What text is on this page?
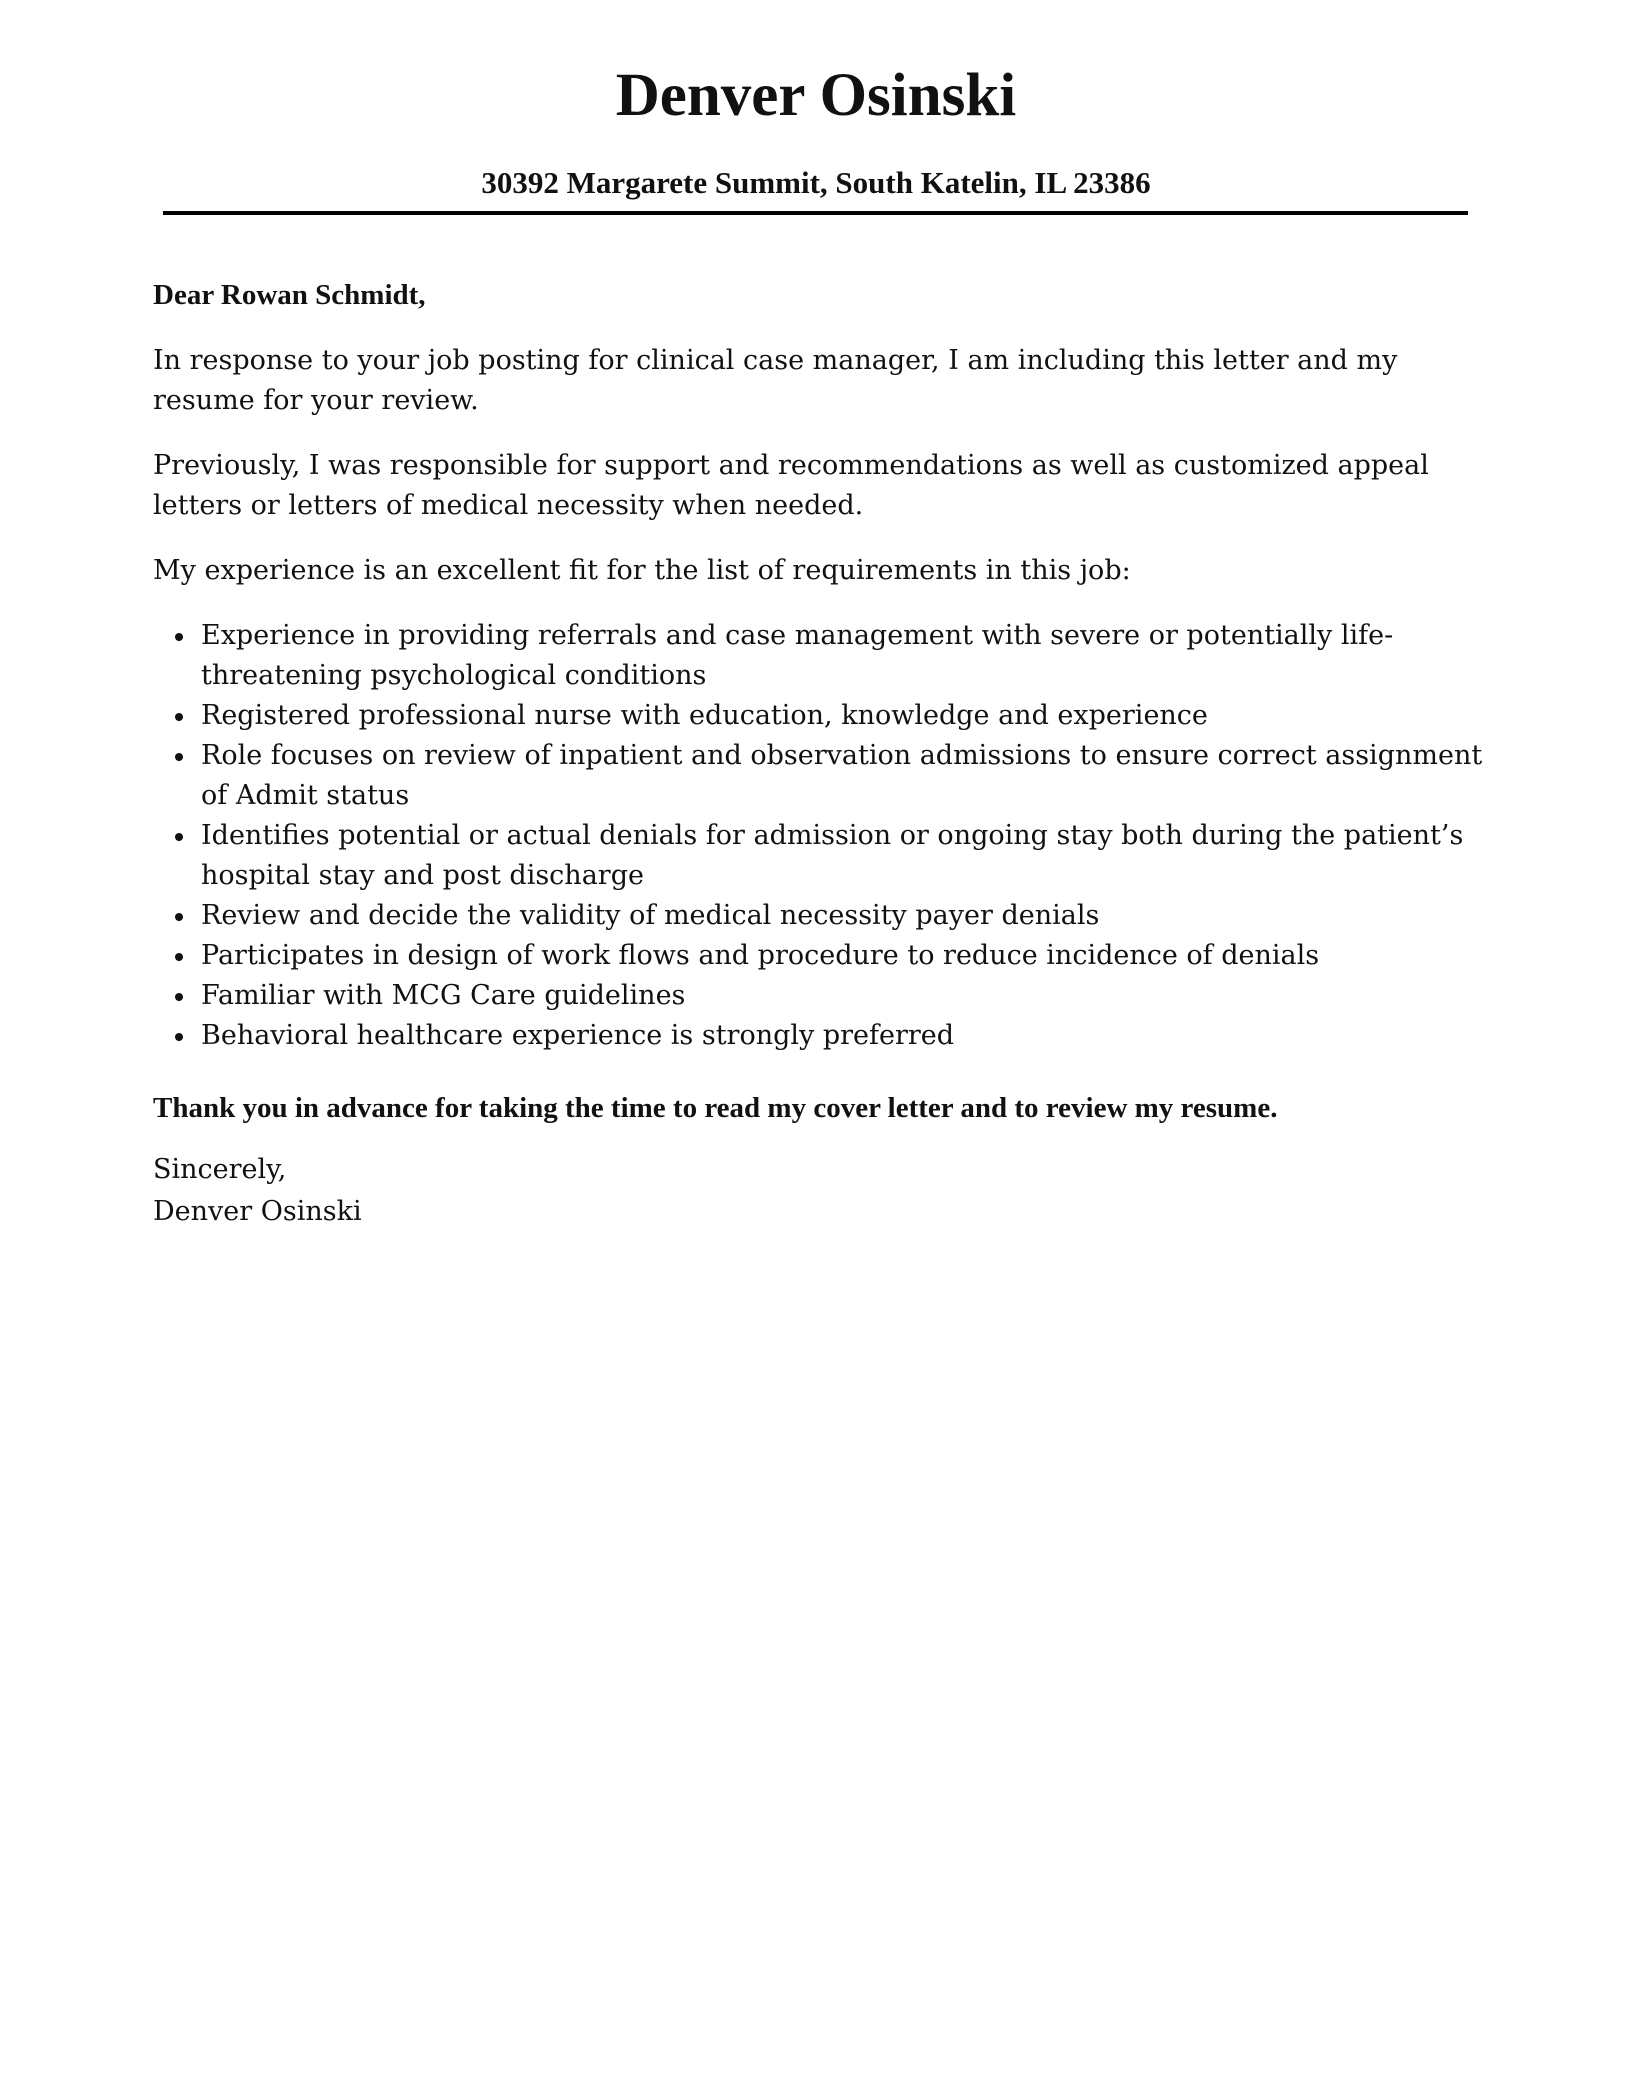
Denver Osinski
30392 Margarete Summit, South Katelin, IL 23386

Dear Rowan Schmidt,

In response to your job posting for clinical case manager, I am including this letter and my resume for your review.

Previously, I was responsible for support and recommendations as well as customized appeal letters or letters of medical necessity when needed.

My experience is an excellent fit for the list of requirements in this job:

Experience in providing referrals and case management with severe or potentially life-threatening psychological conditions
Registered professional nurse with education, knowledge and experience
Role focuses on review of inpatient and observation admissions to ensure correct assignment of Admit status
Identifies potential or actual denials for admission or ongoing stay both during the patient’s hospital stay and post discharge
Review and decide the validity of medical necessity payer denials
Participates in design of work flows and procedure to reduce incidence of denials
Familiar with MCG Care guidelines
Behavioral healthcare experience is strongly preferred

Thank you in advance for taking the time to read my cover letter and to review my resume.

Sincerely,

Denver Osinski
